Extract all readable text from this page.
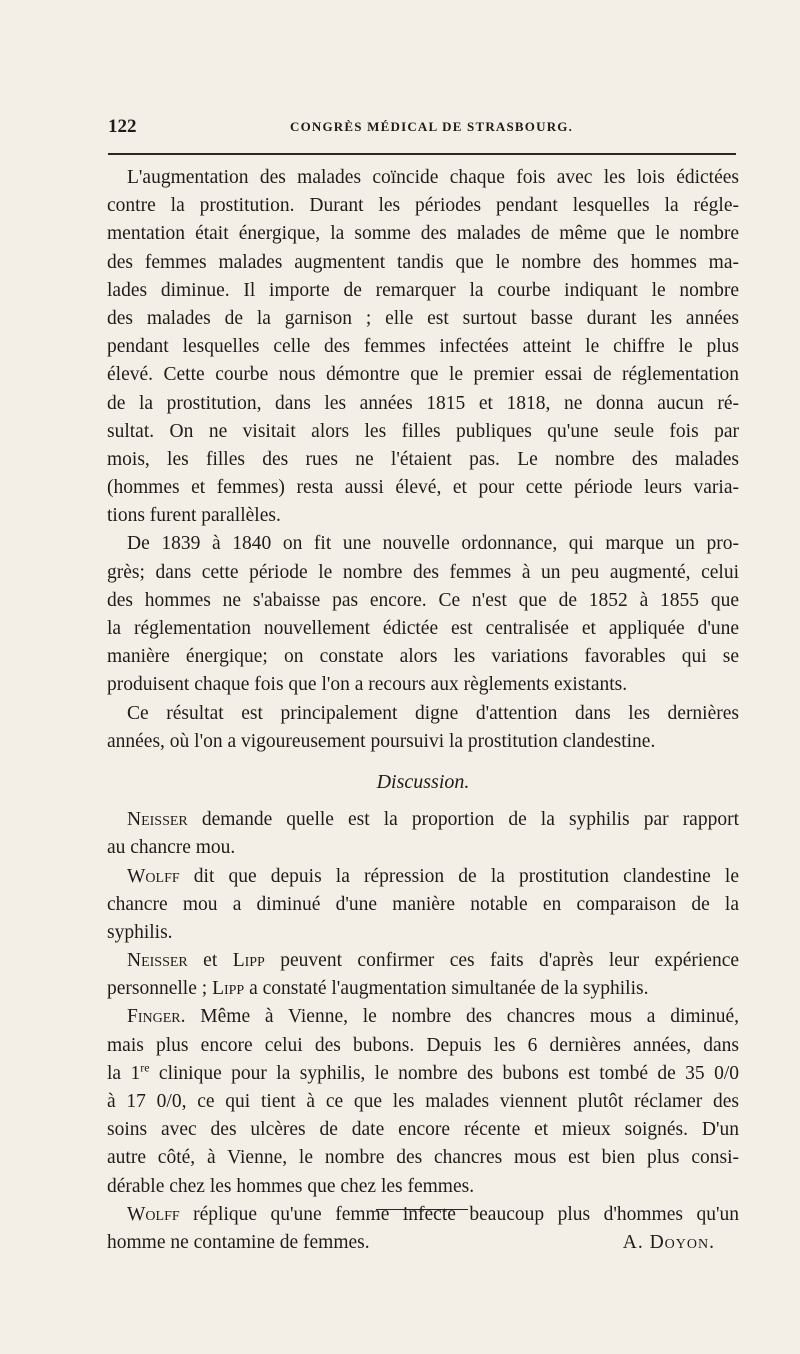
122	CONGRÈS MÉDICAL DE STRASBOURG.
L'augmentation des malades coïncide chaque fois avec les lois édictées
contre la prostitution. Durant les périodes pendant lesquelles la régle-
mentation était énergique, la somme des malades de même que le nombre
des femmes malades augmentent tandis que le nombre des hommes ma-
lades diminue. Il importe de remarquer la courbe indiquant le nombre
des malades de la garnison ; elle est surtout basse durant les années
pendant lesquelles celle des femmes infectées atteint le chiffre le plus
élevé. Cette courbe nous démontre que le premier essai de réglementation
de la prostitution, dans les années 1815 et 1818, ne donna aucun ré-
sultat. On ne visitait alors les filles publiques qu'une seule fois par
mois, les filles des rues ne l'étaient pas. Le nombre des malades
(hommes et femmes) resta aussi élevé, et pour cette période leurs varia-
tions furent parallèles.
De 1839 à 1840 on fit une nouvelle ordonnance, qui marque un pro-
grès; dans cette période le nombre des femmes à un peu augmenté, celui
des hommes ne s'abaisse pas encore. Ce n'est que de 1852 à 1855 que
la réglementation nouvellement édictée est centralisée et appliquée d'une
manière énergique; on constate alors les variations favorables qui se
produisent chaque fois que l'on a recours aux règlements existants.
Ce résultat est principalement digne d'attention dans les dernières
années, où l'on a vigoureusement poursuivi la prostitution clandestine.
Discussion.
Neisser demande quelle est la proportion de la syphilis par rapport
au chancre mou.
Wolff dit que depuis la répression de la prostitution clandestine le
chancre mou a diminué d'une manière notable en comparaison de la
syphilis.
Neisser et Lipp peuvent confirmer ces faits d'après leur expérience
personnelle ; Lipp a constaté l'augmentation simultanée de la syphilis.
Finger. Même à Vienne, le nombre des chancres mous a diminué,
mais plus encore celui des bubons. Depuis les 6 dernières années, dans
la 1re clinique pour la syphilis, le nombre des bubons est tombé de 35 0/0
à 17 0/0, ce qui tient à ce que les malades viennent plutôt réclamer des
soins avec des ulcères de date encore récente et mieux soignés. D'un
autre côté, à Vienne, le nombre des chancres mous est bien plus consi-
dérable chez les hommes que chez les femmes.
Wolff réplique qu'une femme infecte beaucoup plus d'hommes qu'un
homme ne contamine de femmes.	A. Doyon.
